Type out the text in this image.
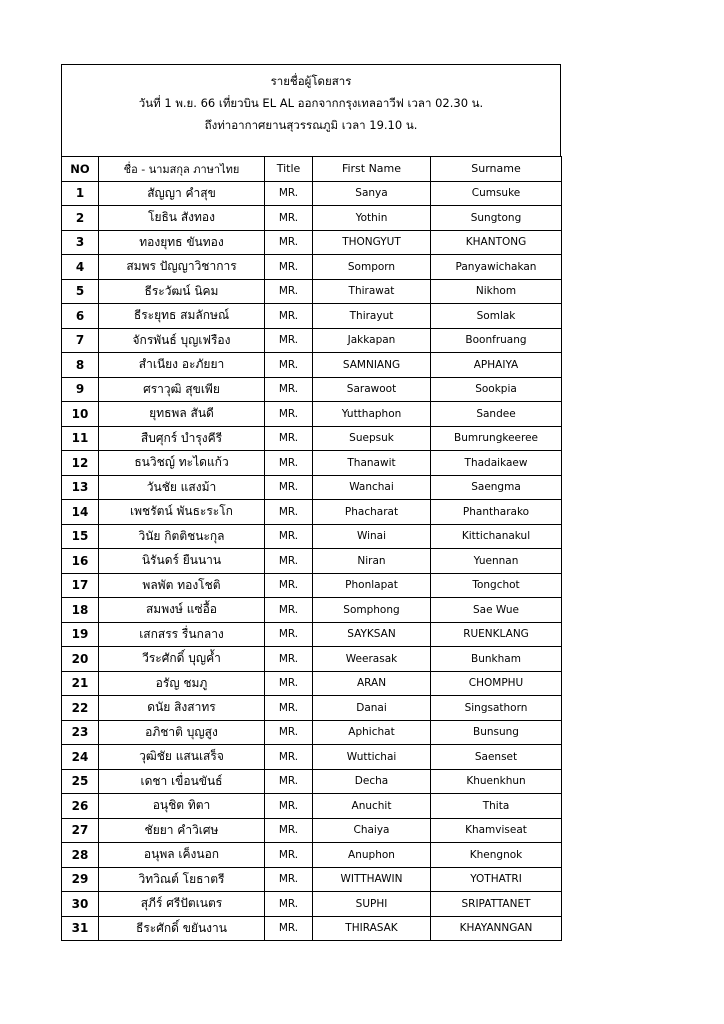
รายชื่อผู้โดยสาร
วันที่ 1 พ.ย. 66 เที่ยวบิน EL AL ออกจากกรุงเทลอาวีฟ เวลา 02.30 น.
ถึงท่าอากาศยานสุวรรณภูมิ เวลา 19.10 น.
NO	ชื่อ - นามสกุล ภาษาไทย	Title	First Name	Surname
1	สัญญา คำสุข	MR.	Sanya	Cumsuke
2	โยธิน สังทอง	MR.	Yothin	Sungtong
3	ทองยุทธ ขันทอง	MR.	THONGYUT	KHANTONG
4	สมพร ปัญญาวิชาการ	MR.	Somporn	Panyawichakan
5	ธีระวัฒน์ นิคม	MR.	Thirawat	Nikhom
6	ธีระยุทธ สมลักษณ์	MR.	Thirayut	Somlak
7	จักรพันธ์ บุญเฟรือง	MR.	Jakkapan	Boonfruang
8	สำเนียง อะภัยยา	MR.	SAMNIANG	APHAIYA
9	ศราวุฒิ สุขเพีย	MR.	Sarawoot	Sookpia
10	ยุทธพล สันดี	MR.	Yutthaphon	Sandee
11	สืบศุกร์ บำรุงคีรี	MR.	Suepsuk	Bumrungkeeree
12	ธนวิชญ์ ทะไดแก้ว	MR.	Thanawit	Thadaikaew
13	วันชัย แสงม้า	MR.	Wanchai	Saengma
14	เพชรัตน์ พันธะระโก	MR.	Phacharat	Phantharako
15	วินัย กิตติชนะกุล	MR.	Winai	Kittichanakul
16	นิรันดร์ ยืนนาน	MR.	Niran	Yuennan
17	พลพัต ทองโชติ	MR.	Phonlapat	Tongchot
18	สมพงษ์ แซ่อื้อ	MR.	Somphong	Sae Wue
19	เสกสรร รื่นกลาง	MR.	SAYKSAN	RUENKLANG
20	วีระศักดิ์ บุญค้ำ	MR.	Weerasak	Bunkham
21	อรัญ ชมภู	MR.	ARAN	CHOMPHU
22	ดนัย สิงสาทร	MR.	Danai	Singsathorn
23	อภิชาติ บุญสูง	MR.	Aphichat	Bunsung
24	วุฒิชัย แสนเสร็จ	MR.	Wuttichai	Saenset
25	เดชา เขื่อนขันธ์	MR.	Decha	Khuenkhun
26	อนุชิต ทิตา	MR.	Anuchit	Thita
27	ชัยยา คำวิเศษ	MR.	Chaiya	Khamviseat
28	อนุพล เค็งนอก	MR.	Anuphon	Khengnok
29	วิทวิณต์ โยธาตรี	MR.	WITTHAWIN	YOTHATRI
30	สุภีร์ ศรีปัตเนตร	MR.	SUPHI	SRIPATTANET
31	ธีระศักดิ์ ขยันงาน	MR.	THIRASAK	KHAYANNGAN
